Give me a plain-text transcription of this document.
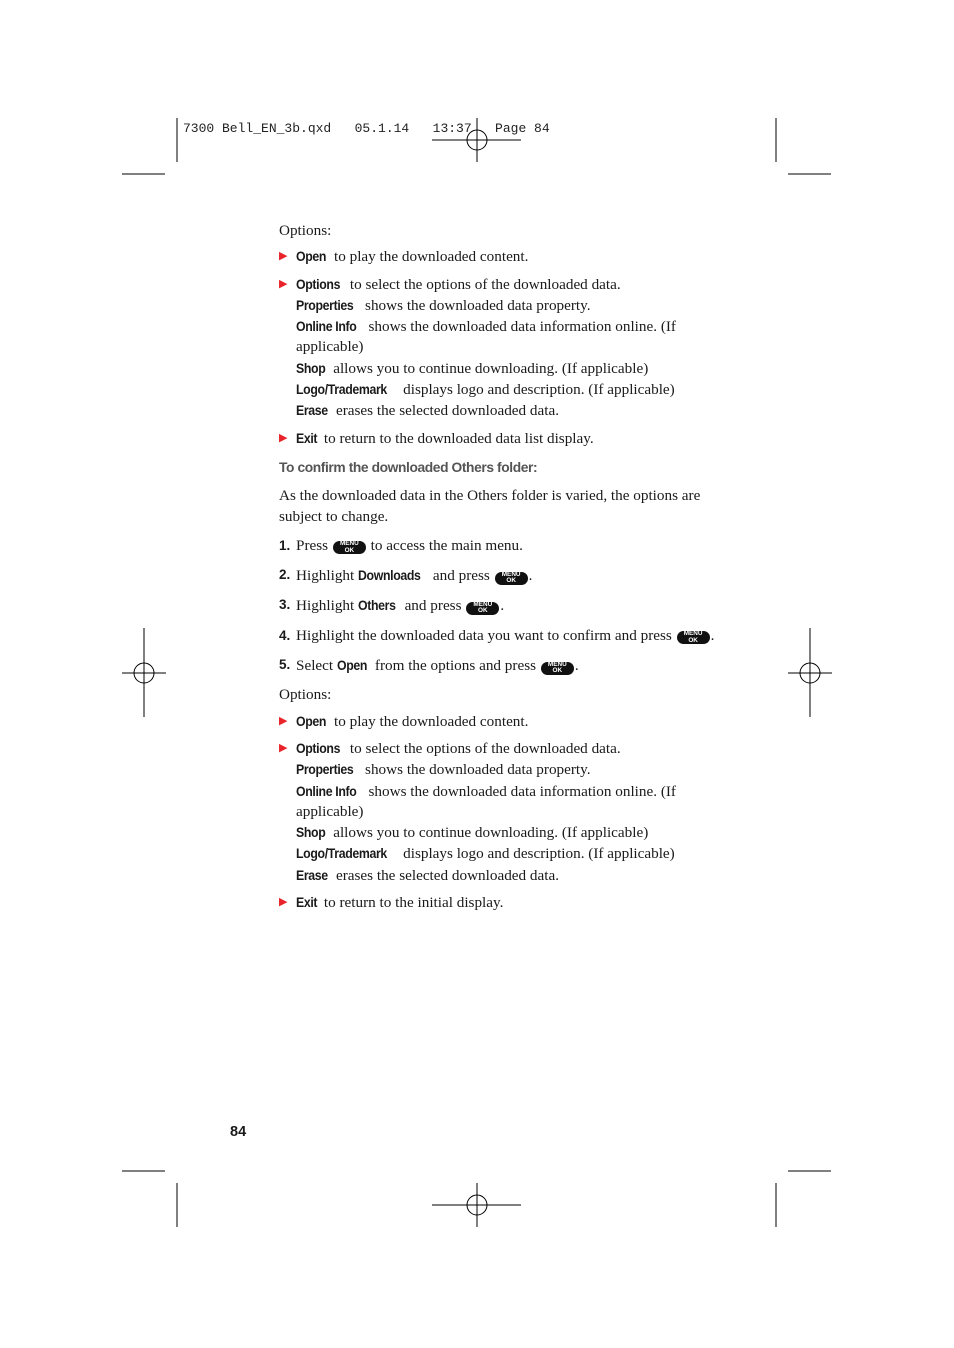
7300 Bell_EN_3b.qxd   05.1.14   13:37   Page 84

Options:

▶ Open to play the downloaded content.
▶ Options to select the options of the downloaded data.
Properties shows the downloaded data property.
Online Info shows the downloaded data information online. (If applicable)
Shop allows you to continue downloading. (If applicable)
Logo/Trademark displays logo and description. (If applicable)
Erase erases the selected downloaded data.
▶ Exit to return to the downloaded data list display.

To confirm the downloaded Others folder:

As the downloaded data in the Others folder is varied, the options are subject to change.

1. Press	MENU
OK to access the main menu.
2. Highlight Downloads and press	MENU
OK .
3. Highlight Others and press	MENU
OK .
4. Highlight the downloaded data you want to confirm and press	MENU
OK .
5. Select Open from the options and press	MENU
OK .

Options:

▶ Open to play the downloaded content.
▶ Options to select the options of the downloaded data.
Properties shows the downloaded data property.
Online Info shows the downloaded data information online. (If applicable)
Shop allows you to continue downloading. (If applicable)
Logo/Trademark displays logo and description. (If applicable)
Erase erases the selected downloaded data.
▶ Exit to return to the initial display.
84
